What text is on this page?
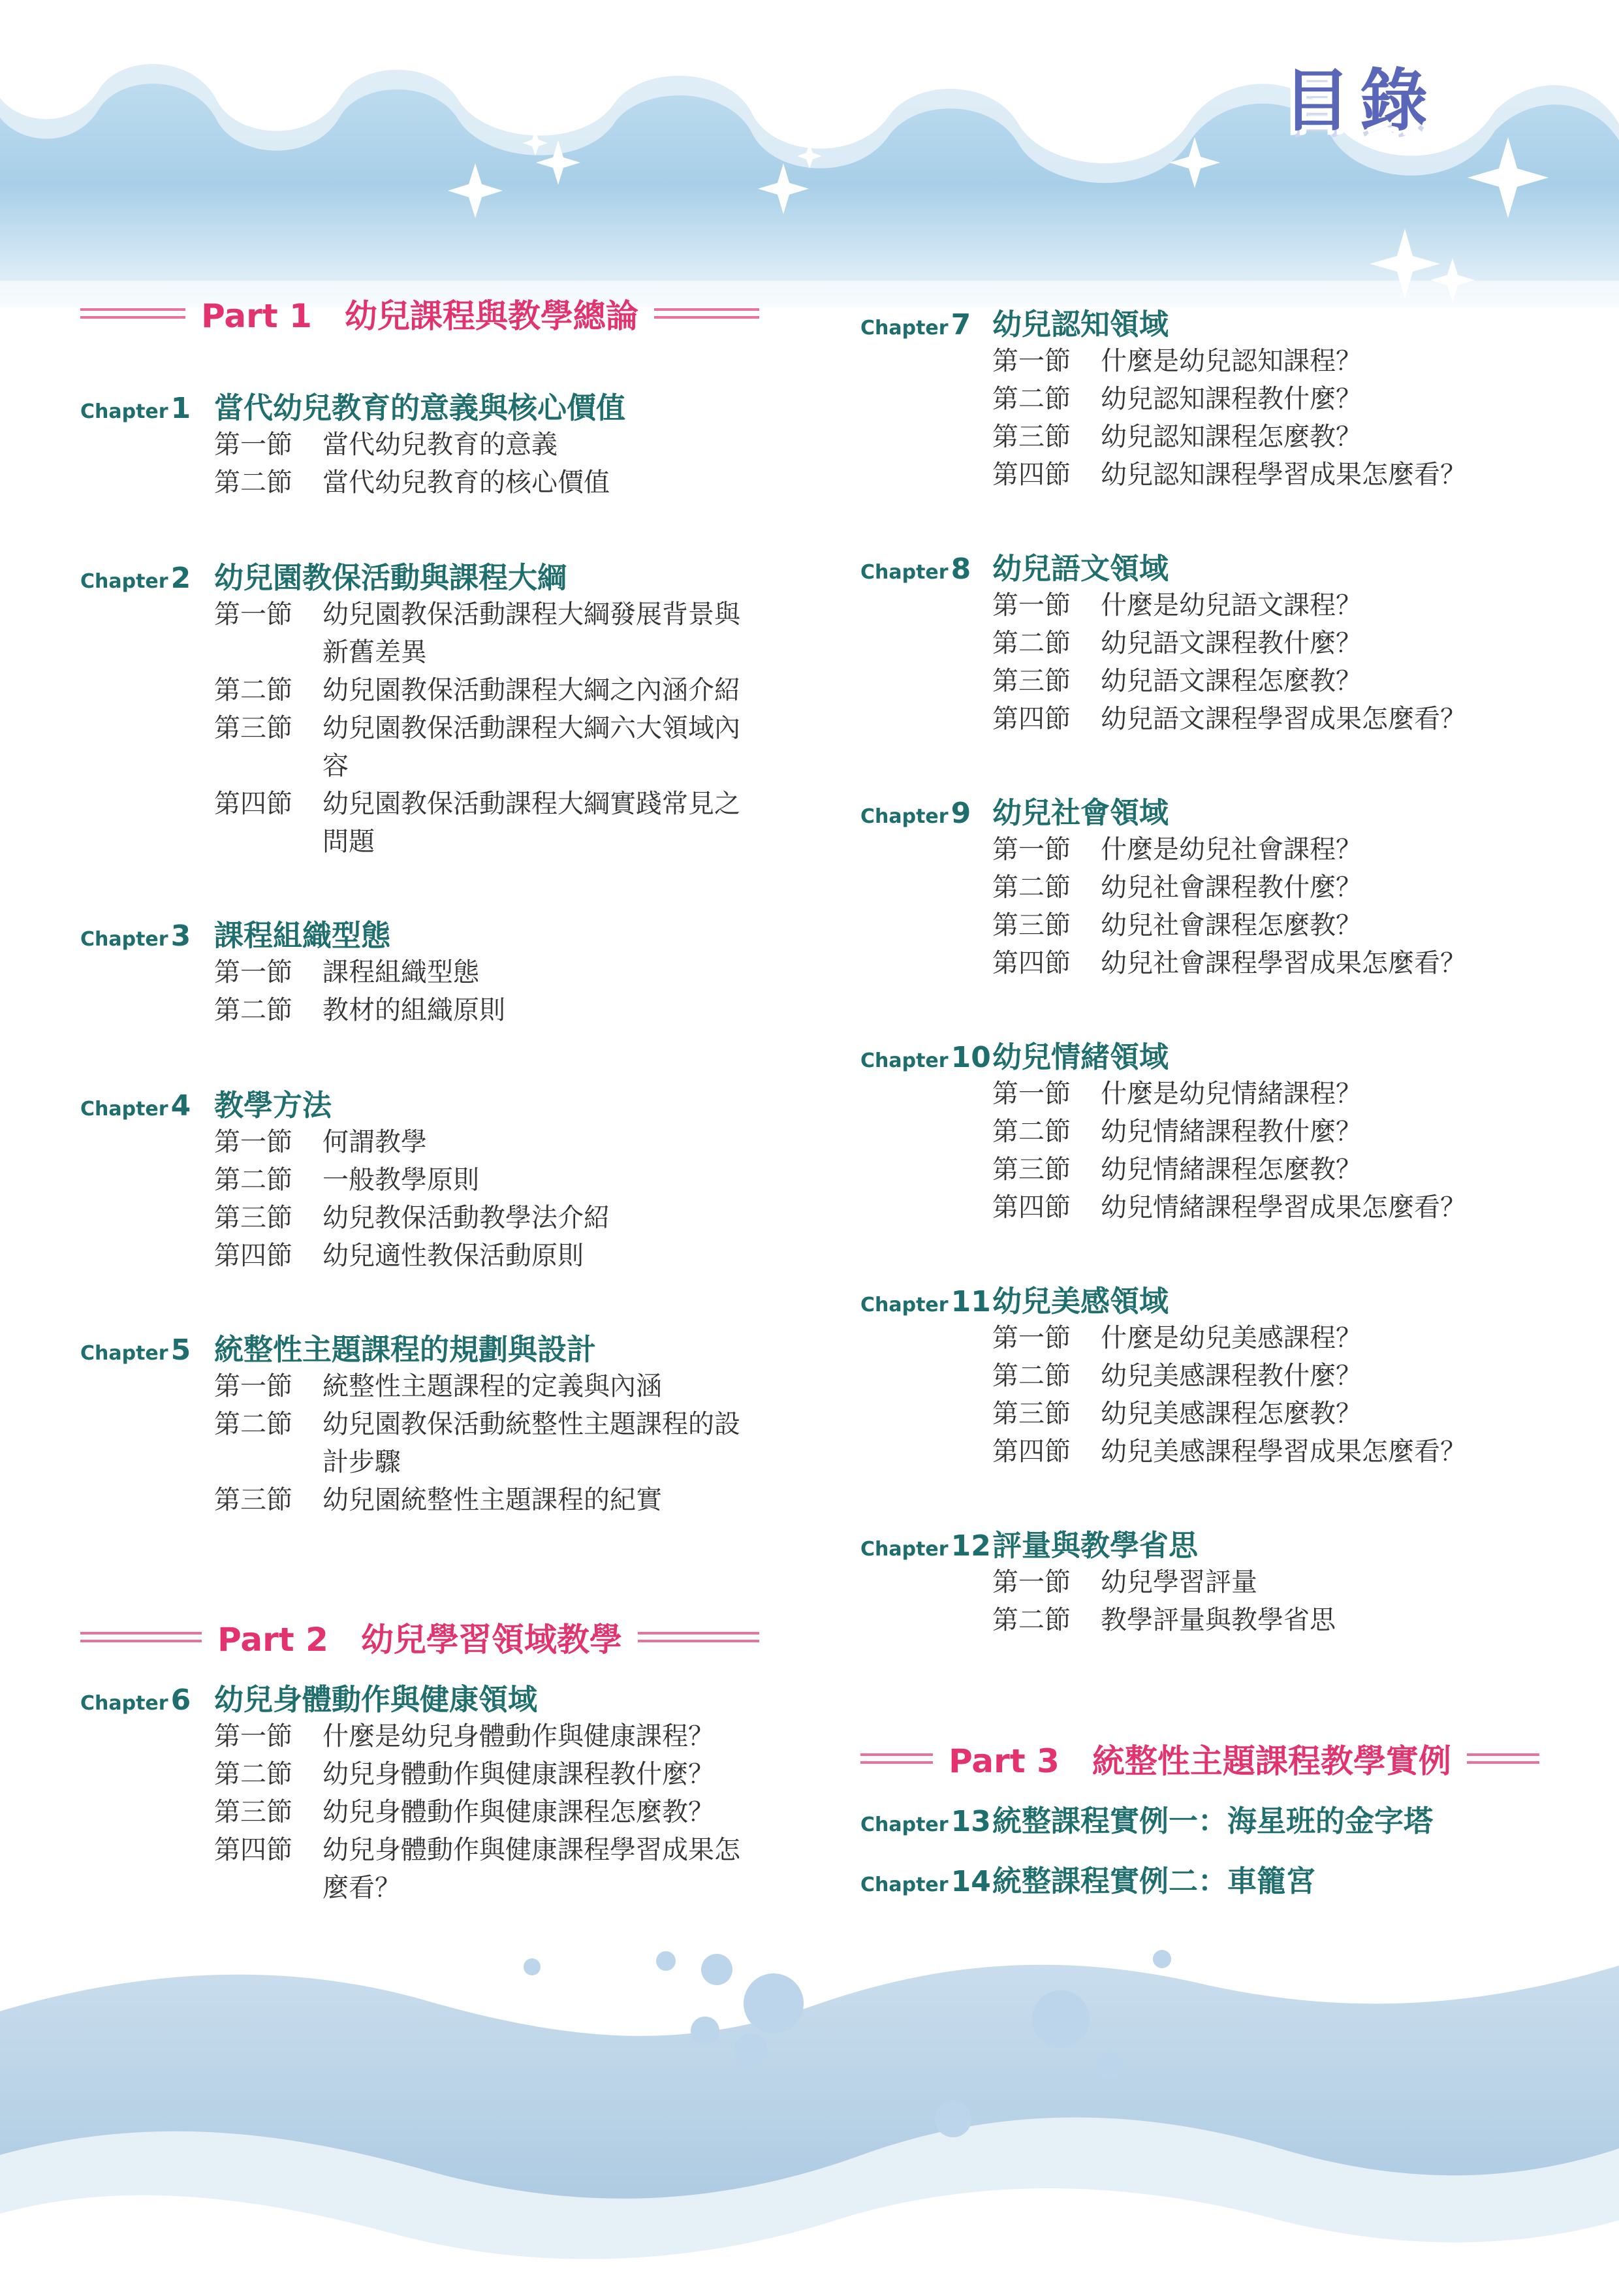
目錄
Part 1　幼兒課程與教學總論
Chapter1 當代幼兒教育的意義與核心價值
第一節	當代幼兒教育的意義
第二節	當代幼兒教育的核心價值
Chapter2 幼兒園教保活動與課程大綱
第一節	幼兒園教保活動課程大綱發展背景與新舊差異
第二節	幼兒園教保活動課程大綱之內涵介紹
第三節	幼兒園教保活動課程大綱六大領域內容
第四節	幼兒園教保活動課程大綱實踐常見之問題
Chapter3 課程組織型態
第一節	課程組織型態
第二節	教材的組織原則
Chapter4 教學方法
第一節	何謂教學
第二節	一般教學原則
第三節	幼兒教保活動教學法介紹
第四節	幼兒適性教保活動原則
Chapter5 統整性主題課程的規劃與設計
第一節	統整性主題課程的定義與內涵
第二節	幼兒園教保活動統整性主題課程的設計步驟
第三節	幼兒園統整性主題課程的紀實
Part 2　幼兒學習領域教學
Chapter6 幼兒身體動作與健康領域
第一節	什麼是幼兒身體動作與健康課程？
第二節	幼兒身體動作與健康課程教什麼？
第三節	幼兒身體動作與健康課程怎麼教？
第四節	幼兒身體動作與健康課程學習成果怎麼看？
Chapter7 幼兒認知領域
第一節	什麼是幼兒認知課程？
第二節	幼兒認知課程教什麼？
第三節	幼兒認知課程怎麼教？
第四節	幼兒認知課程學習成果怎麼看？
Chapter8 幼兒語文領域
第一節	什麼是幼兒語文課程？
第二節	幼兒語文課程教什麼？
第三節	幼兒語文課程怎麼教？
第四節	幼兒語文課程學習成果怎麼看？
Chapter9 幼兒社會領域
第一節	什麼是幼兒社會課程？
第二節	幼兒社會課程教什麼？
第三節	幼兒社會課程怎麼教？
第四節	幼兒社會課程學習成果怎麼看？
Chapter10 幼兒情緒領域
第一節	什麼是幼兒情緒課程？
第二節	幼兒情緒課程教什麼？
第三節	幼兒情緒課程怎麼教？
第四節	幼兒情緒課程學習成果怎麼看？
Chapter11 幼兒美感領域
第一節	什麼是幼兒美感課程？
第二節	幼兒美感課程教什麼？
第三節	幼兒美感課程怎麼教？
第四節	幼兒美感課程學習成果怎麼看？
Chapter12 評量與教學省思
第一節	幼兒學習評量
第二節	教學評量與教學省思
Part 3　統整性主題課程教學實例
Chapter13 統整課程實例一：海星班的金字塔
Chapter14 統整課程實例二：車籠宮
